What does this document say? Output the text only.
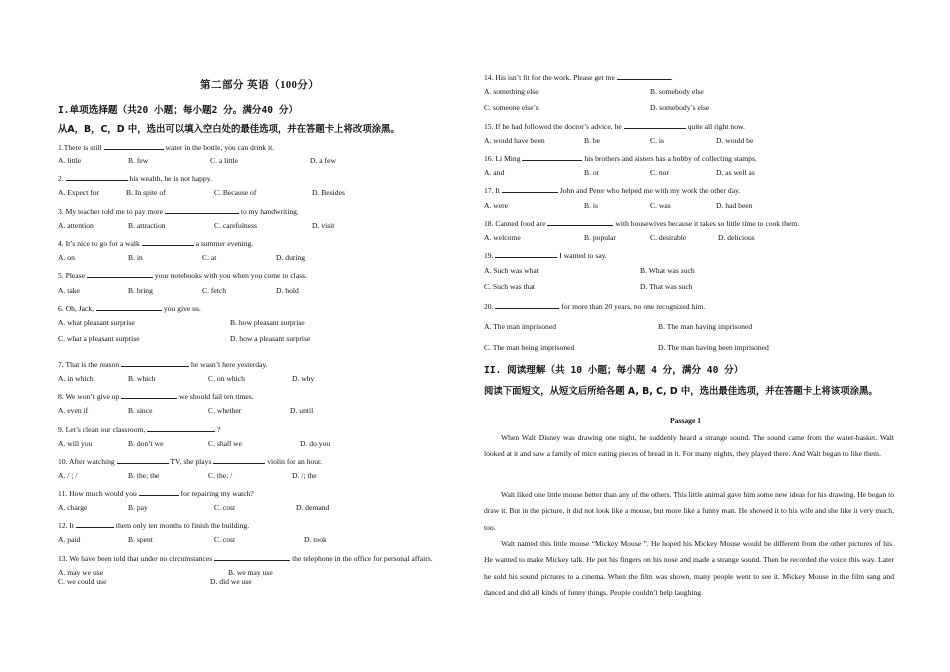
第二部分 英语（100分）
I.单项选择题（共20 小题；每小题2 分。满分40 分）
从A，B，C，D 中，选出可以填入空白处的最佳选项，并在答题卡上将改项涂黑。
1.There is still	water in the bottle, you can drink it.
A. little	B. few	C. a little	D. a few
2.	his wealth, he is not happy.
A. Expect for	B. In spite of	C. Because of	D. Besides
3. My teacher told me to pay more	to my handwriting.
A. attention	B. attraction	C. carefulness	D. visit
4. It’s nice to go for a walk	a summer evening.
A. on	B. in	C. at	D. during
5. Please	your notebooks with you when you come to class.
A. take	B. bring	C. fetch	D. hold
6. Oh, Jack,	you give us.
A. what pleasant surprise	B. how pleasant surprise
C. what a pleasant surprise	D. how a pleasant surprise
7. That is the reason	he wasn’t here yesterday.
A. in which	B. which	C. on which	D. why
8. We won’t give up	we should fail ten times.
A. even if	B. since	C. whether	D. until
9. Let’s clean our classroom,	?
A. will you	B. don’t we	C. shall we	D. do you
10. After watching	TV, she plays	violin for an hour.
A. / ; /	B. the; the	C. the; /	D. /; the
11. How much would you	for repairing my watch?
A. charge	B. pay	C. cost	D. demand
12. It	them only ten months to finish the building.
A. paid	B. spent	C. cost	D. took
13. We have been told that under no circumstances	the telephone in the office for personal affairs.
A. may we use	B. we may use
C. we could use	D. did we use
14. His isn’t fit for the work. Please get me	.
A. something else	B. somebody else
C. someone else’s	D. somebody’s else
15. If he had followed the doctor’s advice, he	quite all right now.
A. would have been	B. be	C. is	D. would be
16. Li Ming	his brothers and sisters has a hobby of collecting stamps.
A. and	B. or	C. nor	D. as well as
17. It	John and Peter who helped me with my work the other day.
A. were	B. is	C. was	D. had been
18. Canned food are	with housewives because it takes so little time to cook them.
A. welcome	B. popular	C. desirable	D. delicious
19.	I wanted to say.
A. Such was what	B. What was such
C. Such was that	D. That was such
20.	for more than 20 years, no one recognized him.
A. The man imprisoned	B. The man having imprisoned
C. The man being imprisoned	D. The man having been imprisoned
II. 阅读理解（共 10 小题；每小题 4 分，满分 40 分）
阅读下面短文，从短文后所给各题 A, B, C, D 中，选出最佳选项，并在答题卡上将该项涂黑。
Passage 1
When Walt Disney was drawing one night, he suddenly heard a strange sound. The sound came from the water-basket. Walt looked at it and saw a family of mice eating pieces of bread in it. For many nights, they played there. And Walt began to like them.
Walt liked one little mouse better than any of the others. This little animal gave him some new ideas for his drawing. He began to draw it. But in the picture, it did not look like a mouse, but more like a funny man. He showed it to his wife and she like it very much, too.
Walt named this little mouse “Mickey Mouse ”. He hoped his Mickey Mouse would be different from the other pictures of his. He wanted to make Mickey talk. He put his fingers on his nose and made a strange sound. Then he recorded the voice this way. Later he sold his sound pictures to a cinema. When the film was shown, many people went to see it. Mickey Mouse in the film sang and danced and did all kinds of funny things. People couldn’t help laughing
